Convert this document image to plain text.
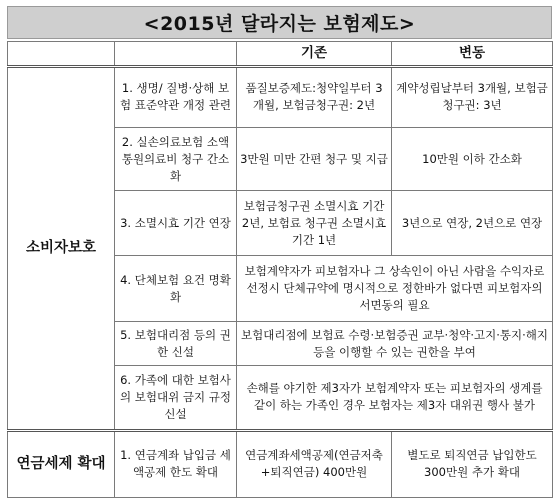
<2015년 달라지는 보험제도>
		기존	변동
소비자보호	1. 생명/ 질병·상해 보험 표준약관 개정 관련	품질보증제도:청약일부터 3개월, 보험금청구권: 2년	계약성립날부터 3개월, 보험금 청구권: 3년
	2. 실손의료보험 소액통원의료비 청구 간소화	3만원 미만 간편 청구 및 지급	10만원 이하 간소화
	3. 소멸시효 기간 연장	보험금청구권 소멸시효 기간 2년, 보험료 청구권 소멸시효 기간 1년	3년으로 연장, 2년으로 연장
	4. 단체보험 요건 명확화	보험계약자가 피보험자나 그 상속인이 아닌 사람을 수익자로 선정시 단체규약에 명시적으로 정한바가 없다면 피보험자의 서면동의 필요	
	5. 보험대리점 등의 권한 신설	보험대리점에 보험료 수령·보험증권 교부·청약·고지·통지·해지 등을 이행할 수 있는 권한을 부여	
	6. 가족에 대한 보험사의 보험대위 금지 규정 신설	손해를 야기한 제3자가 보험계약자 또는 피보험자의 생계를 같이 하는 가족인 경우 보험자는 제3자 대위권 행사 불가	
연금세제 확대	1. 연금계좌 납입금 세액공제 한도 확대	연금계좌세액공제(연금저축+퇴직연금) 400만원	별도로 퇴직연금 납입한도 300만원 추가 확대
